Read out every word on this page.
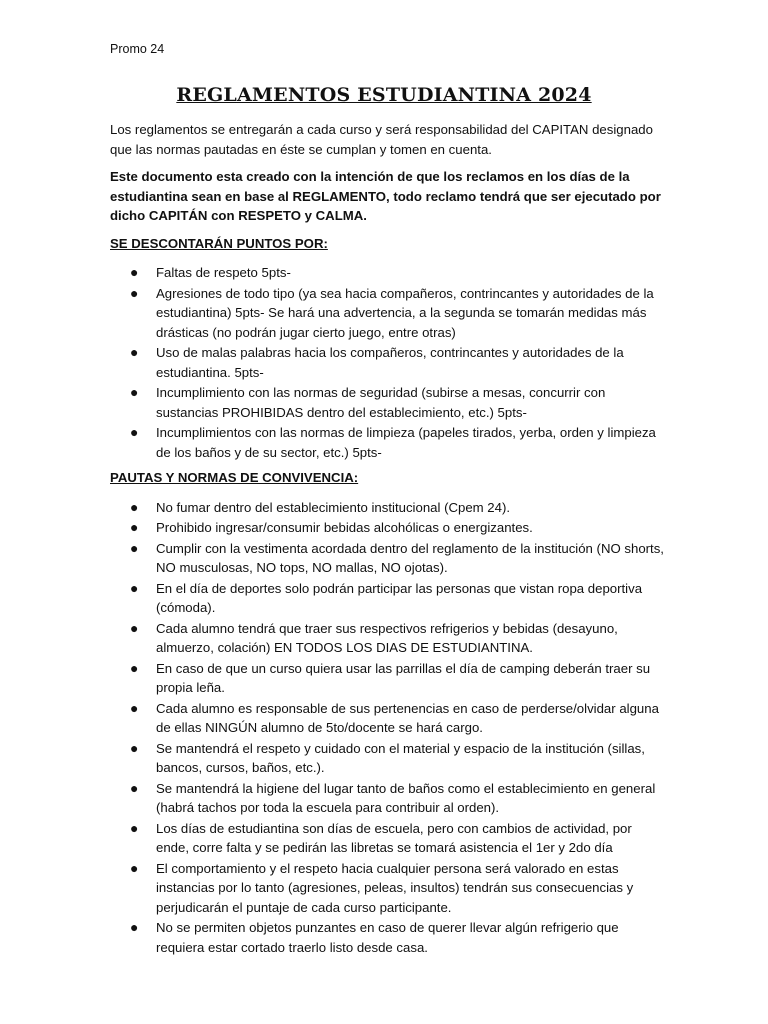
Promo 24
REGLAMENTOS ESTUDIANTINA 2024

Los reglamentos se entregarán a cada curso y será responsabilidad del CAPITAN designado que las normas pautadas en éste se cumplan y tomen en cuenta.

Este documento esta creado con la intención de que los reclamos en los días de la estudiantina sean en base al REGLAMENTO, todo reclamo tendrá que ser ejecutado por dicho CAPITÁN con RESPETO y CALMA.

SE DESCONTARÁN PUNTOS POR:
● Faltas de respeto 5pts-
● Agresiones de todo tipo (ya sea hacia compañeros, contrincantes y autoridades de la estudiantina) 5pts- Se hará una advertencia, a la segunda se tomarán medidas más drásticas (no podrán jugar cierto juego, entre otras)
● Uso de malas palabras hacia los compañeros, contrincantes y autoridades de la estudiantina. 5pts-
● Incumplimiento con las normas de seguridad (subirse a mesas, concurrir con sustancias PROHIBIDAS dentro del establecimiento, etc.) 5pts-
● Incumplimientos con las normas de limpieza (papeles tirados, yerba, orden y limpieza de los baños y de su sector, etc.) 5pts-
PAUTAS Y NORMAS DE CONVIVENCIA:
● No fumar dentro del establecimiento institucional (Cpem 24).
● Prohibido ingresar/consumir bebidas alcohólicas o energizantes.
● Cumplir con la vestimenta acordada dentro del reglamento de la institución (NO shorts, NO musculosas, NO tops, NO mallas, NO ojotas).
● En el día de deportes solo podrán participar las personas que vistan ropa deportiva (cómoda).
● Cada alumno tendrá que traer sus respectivos refrigerios y bebidas (desayuno, almuerzo, colación) EN TODOS LOS DIAS DE ESTUDIANTINA.
● En caso de que un curso quiera usar las parrillas el día de camping deberán traer su propia leña.
● Cada alumno es responsable de sus pertenencias en caso de perderse/olvidar alguna de ellas NINGÚN alumno de 5to/docente se hará cargo.
● Se mantendrá el respeto y cuidado con el material y espacio de la institución (sillas, bancos, cursos, baños, etc.).
● Se mantendrá la higiene del lugar tanto de baños como el establecimiento en general (habrá tachos por toda la escuela para contribuir al orden).
● Los días de estudiantina son días de escuela, pero con cambios de actividad, por ende, corre falta y se pedirán las libretas se tomará asistencia el 1er y 2do día
● El comportamiento y el respeto hacia cualquier persona será valorado en estas instancias por lo tanto (agresiones, peleas, insultos) tendrán sus consecuencias y perjudicarán el puntaje de cada curso participante.
● No se permiten objetos punzantes en caso de querer llevar algún refrigerio que requiera estar cortado traerlo listo desde casa.
